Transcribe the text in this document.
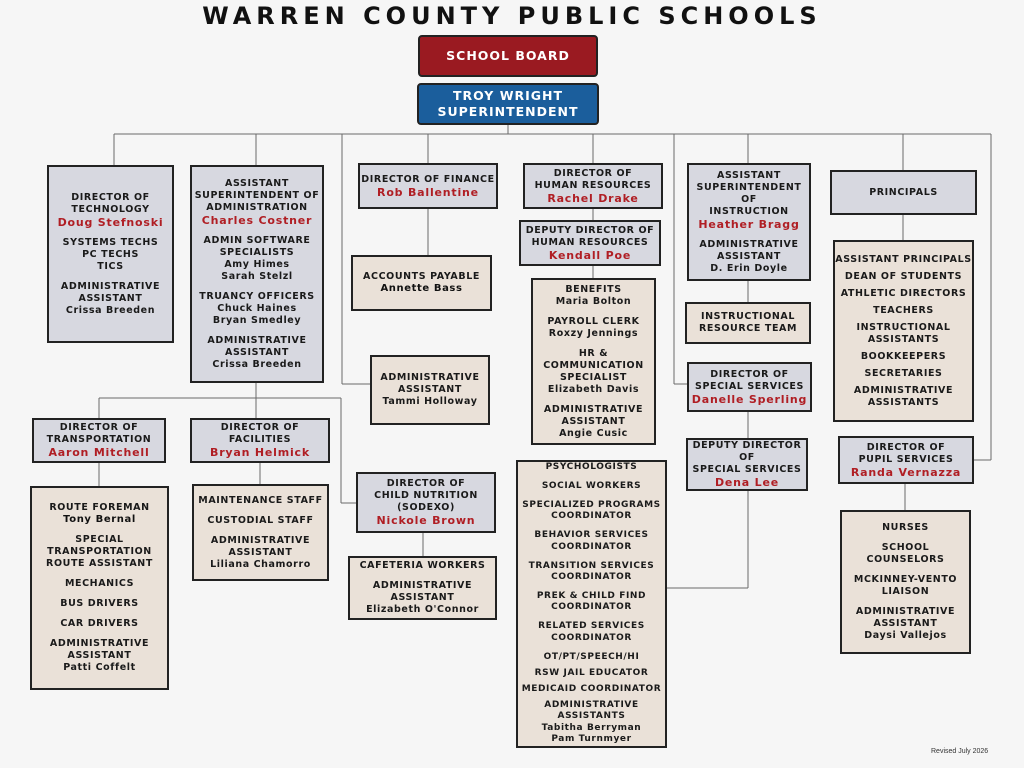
WARREN COUNTY PUBLIC SCHOOLS
SCHOOL BOARD
TROY WRIGHT
SUPERINTENDENT
DIRECTOR OF
TECHNOLOGY
Doug Stefnoski
SYSTEMS TECHS
PC TECHS
TICS
ADMINISTRATIVE
ASSISTANT
Crissa Breeden
ASSISTANT
SUPERINTENDENT OF
ADMINISTRATION
Charles Costner
ADMIN SOFTWARE
SPECIALISTS
Amy Himes
Sarah Stelzl
TRUANCY OFFICERS
Chuck Haines
Bryan Smedley
ADMINISTRATIVE
ASSISTANT
Crissa Breeden
DIRECTOR OF FINANCE
Rob Ballentine
ACCOUNTS PAYABLE
Annette Bass
ADMINISTRATIVE
ASSISTANT
Tammi Holloway
DIRECTOR OF
HUMAN RESOURCES
Rachel Drake
DEPUTY DIRECTOR OF
HUMAN RESOURCES
Kendall Poe
BENEFITS
Maria Bolton
PAYROLL CLERK
Roxzy Jennings
HR & COMMUNICATION
SPECIALIST
Elizabeth Davis
ADMINISTRATIVE
ASSISTANT
Angie Cusic
PSYCHOLOGISTS
SOCIAL WORKERS
SPECIALIZED PROGRAMS
COORDINATOR
BEHAVIOR SERVICES
COORDINATOR
TRANSITION SERVICES
COORDINATOR
PREK & CHILD FIND
COORDINATOR
RELATED SERVICES
COORDINATOR
OT/PT/SPEECH/HI
RSW JAIL EDUCATOR
MEDICAID COORDINATOR
ADMINISTRATIVE ASSISTANTS
Tabitha Berryman
Pam Turnmyer
ASSISTANT
SUPERINTENDENT OF
INSTRUCTION
Heather Bragg
ADMINISTRATIVE
ASSISTANT
D. Erin Doyle
INSTRUCTIONAL
RESOURCE TEAM
DIRECTOR OF
SPECIAL SERVICES
Danelle Sperling
DEPUTY DIRECTOR OF
SPECIAL SERVICES
Dena Lee
PRINCIPALS
ASSISTANT PRINCIPALS
DEAN OF STUDENTS
ATHLETIC DIRECTORS
TEACHERS
INSTRUCTIONAL
ASSISTANTS
BOOKKEEPERS
SECRETARIES
ADMINISTRATIVE
ASSISTANTS
DIRECTOR OF
PUPIL SERVICES
Randa Vernazza
NURSES
SCHOOL
COUNSELORS
MCKINNEY-VENTO
LIAISON
ADMINISTRATIVE
ASSISTANT
Daysi Vallejos
DIRECTOR OF
TRANSPORTATION
Aaron Mitchell
ROUTE FOREMAN
Tony Bernal
SPECIAL
TRANSPORTATION
ROUTE ASSISTANT
MECHANICS
BUS DRIVERS
CAR DRIVERS
ADMINISTRATIVE
ASSISTANT
Patti Coffelt
DIRECTOR OF FACILITIES
Bryan Helmick
MAINTENANCE STAFF
CUSTODIAL STAFF
ADMINISTRATIVE
ASSISTANT
Liliana Chamorro
DIRECTOR OF
CHILD NUTRITION
(SODEXO)
Nickole Brown
CAFETERIA WORKERS
ADMINISTRATIVE ASSISTANT
Elizabeth O'Connor
Revised July 2026
